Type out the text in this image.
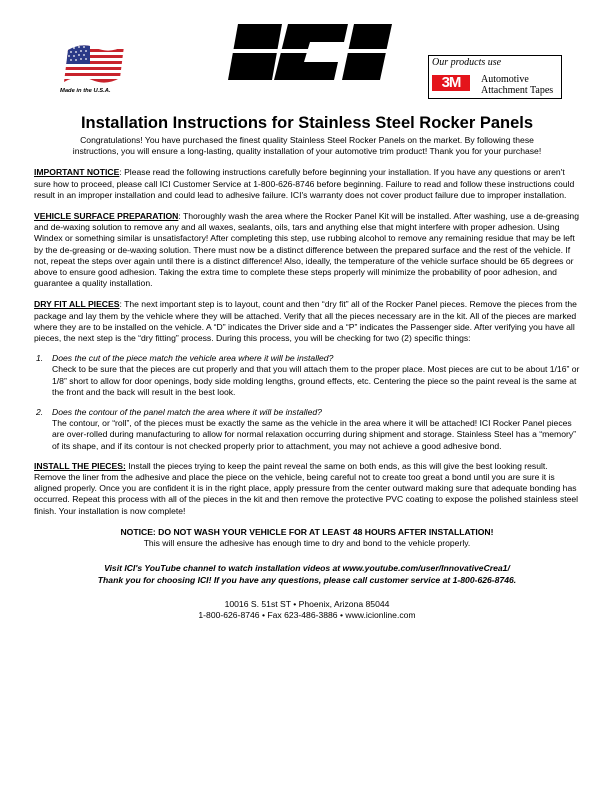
Made in the U.S.A.
Our products use
3M	Automotive
Attachment Tapes
Installation Instructions for Stainless Steel Rocker Panels

Congratulations! You have purchased the finest quality Stainless Steel Rocker Panels on the market. By following these instructions, you will ensure a long-lasting, quality installation of your automotive trim product! Thank you for your purchase!

IMPORTANT NOTICE: Please read the following instructions carefully before beginning your installation. If you have any questions or aren't sure how to proceed, please call ICI Customer Service at 1-800-626-8746 before beginning. Failure to read and follow these instructions could result in an improper installation and could lead to adhesive failure. ICI's warranty does not cover product failure due to improper installation.

VEHICLE SURFACE PREPARATION: Thoroughly wash the area where the Rocker Panel Kit will be installed. After washing, use a de-greasing and de-waxing solution to remove any and all waxes, sealants, oils, tars and anything else that might interfere with proper adhesion. Using Windex or something similar is unsatisfactory! After completing this step, use rubbing alcohol to remove any remaining residue that may be left by the de-greasing or de-waxing solution. There must now be a distinct difference between the prepared surface and the rest of the vehicle. If not, repeat the steps over again until there is a distinct difference! Also, ideally, the temperature of the vehicle surface should be 65 degrees or above to ensure good adhesion. Taking the extra time to complete these steps properly will minimize the probability of poor adhesion, and guarantee a quality installation.

DRY FIT ALL PIECES: The next important step is to layout, count and then “dry fit” all of the Rocker Panel pieces. Remove the pieces from the package and lay them by the vehicle where they will be attached. Verify that all the pieces necessary are in the kit. All of the pieces are marked where they are to be installed on the vehicle. A “D” indicates the Driver side and a “P” indicates the Passenger side. After verifying you have all pieces, the next step is the “dry fitting” process. During this process, you will be checking for two (2) specific things:

1. Does the cut of the piece match the vehicle area where it will be installed?
Check to be sure that the pieces are cut properly and that you will attach them to the proper place. Most pieces are cut to be about 1/16” or 1/8” short to allow for door openings, body side molding lengths, ground effects, etc. Centering the piece so the paint reveal is the same at the front and the back will result in the best look.
2. Does the contour of the panel match the area where it will be installed?
The contour, or “roll”, of the pieces must be exactly the same as the vehicle in the area where it will be attached! ICI Rocker Panel pieces are over-rolled during manufacturing to allow for normal relaxation occurring during shipment and storage. Stainless Steel has a “memory” of its shape, and if its contour is not checked properly prior to attachment, you may not achieve a good adhesive bond.

INSTALL THE PIECES: Install the pieces trying to keep the paint reveal the same on both ends, as this will give the best looking result. Remove the liner from the adhesive and place the piece on the vehicle, being careful not to create too great a bond until you are sure it is aligned properly. Once you are confident it is in the right place, apply pressure from the center outward making sure that adequate bonding has occurred. Repeat this process with all of the pieces in the kit and then remove the protective PVC coating to expose the polished stainless steel finish. Your installation is now complete!

NOTICE: DO NOT WASH YOUR VEHICLE FOR AT LEAST 48 HOURS AFTER INSTALLATION!
This will ensure the adhesive has enough time to dry and bond to the vehicle properly.
Visit ICI's YouTube channel to watch installation videos at www.youtube.com/user/InnovativeCrea1/
Thank you for choosing ICI! If you have any questions, please call customer service at 1-800-626-8746.
10016 S. 51st ST • Phoenix, Arizona 85044
1-800-626-8746 • Fax 623-486-3886 • www.icionline.com
